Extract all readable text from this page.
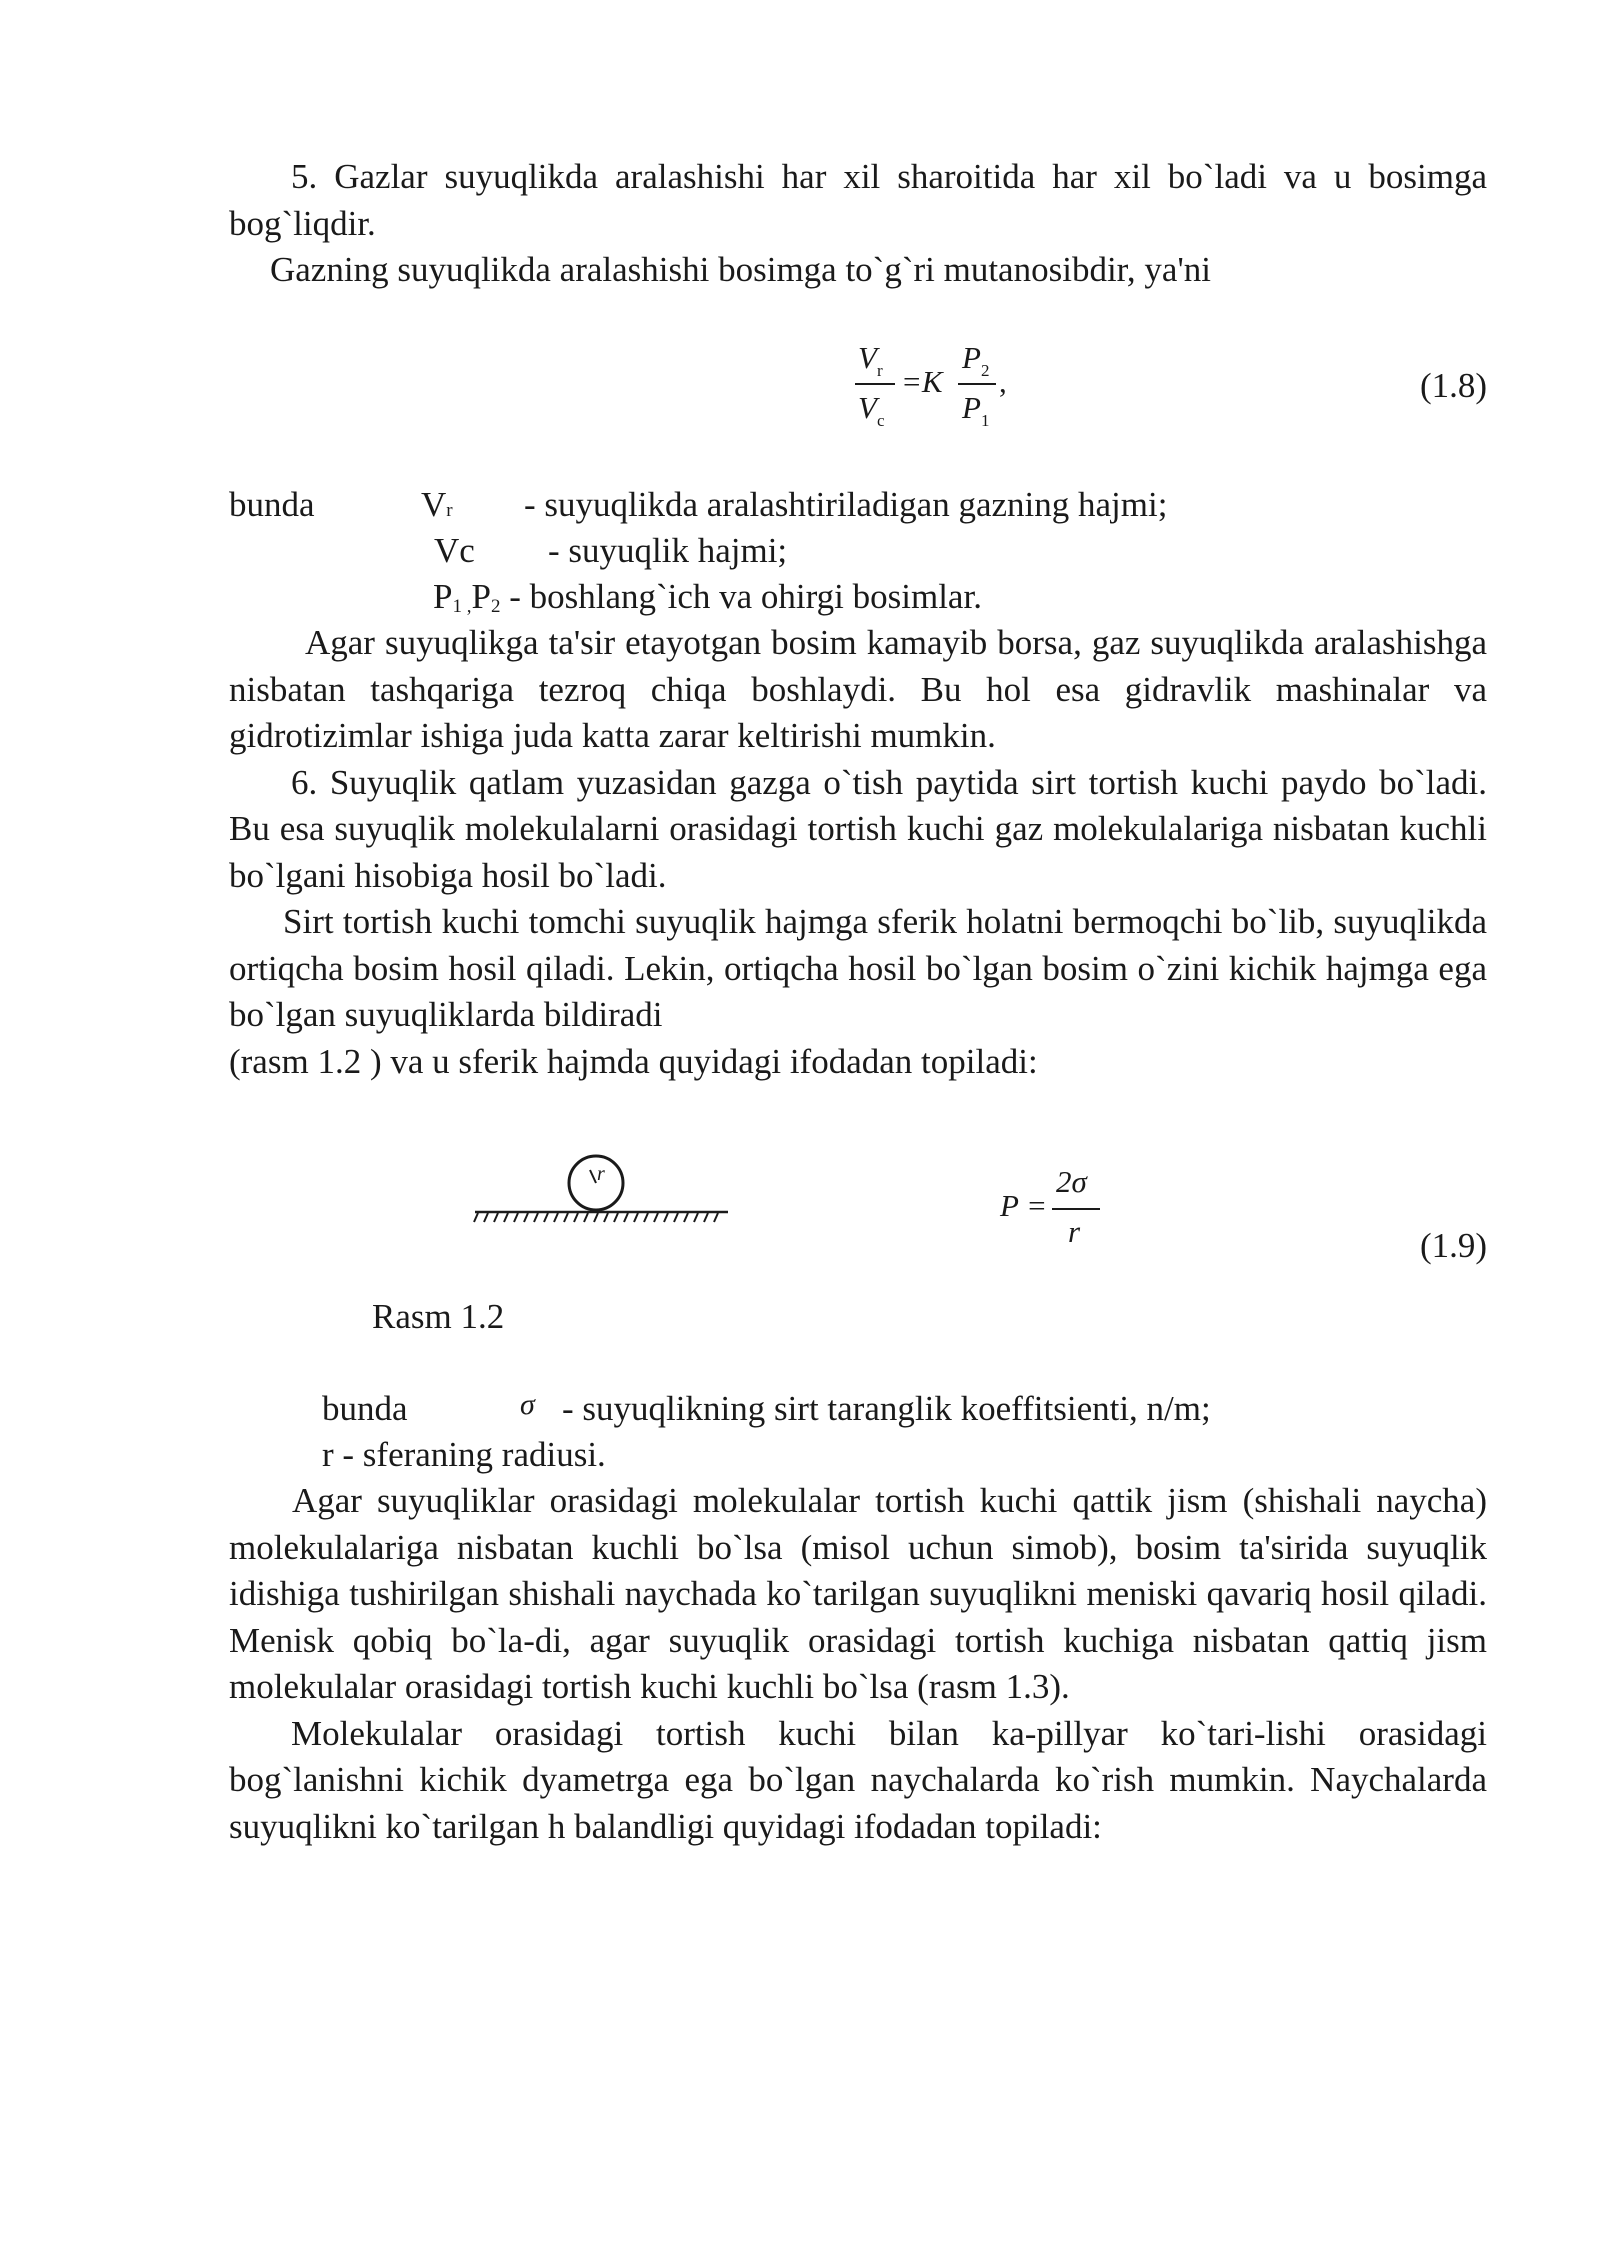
5. Gazlar suyuqlikda aralashishi har xil sharoitida har xil bo`ladi va u bosimga bog`liqdir.

Gazning suyuqlikda aralashishi bosimga to`g`ri mutanosibdir, ya'ni

$V_r$
$V_c$
=K
$P_2$
$P_1$
,	(1.8)
bunda	Vr - suyuqlikda aralashtiriladigan gazning hajmi;
Vc - suyuqlik hajmi;
P1 ,P2 - boshlang`ich va ohirgi bosimlar.

Agar suyuqlikga ta'sir etayotgan bosim kamayib borsa, gaz suyuqlikda aralashishga nisbatan tashqariga tezroq chiqa boshlaydi. Bu hol esa gidravlik mashinalar va gidrotizimlar ishiga juda katta zarar keltirishi mumkin.

6. Suyuqlik qatlam yuzasidan gazga o`tish paytida sirt tortish kuchi paydo bo`ladi. Bu esa suyuqlik molekulalarni orasidagi tortish kuchi gaz molekulalariga nisbatan kuchli bo`lgani hisobiga hosil bo`ladi.

Sirt tortish kuchi tomchi suyuqlik hajmga sferik holatni bermoqchi bo`lib, suyuqlikda ortiqcha bosim hosil qiladi. Lekin, ortiqcha hosil bo`lgan bosim o`zini kichik hajmga ega bo`lgan suyuqliklarda bildiradi

(rasm 1.2 ) va u sferik hajmda quyidagi ifodadan topiladi:

r
P =
2σ
r	(1.9)
Rasm 1.2
bunda	σ - suyuqlikning sirt taranglik koeffitsienti, n/m;
r - sferaning radiusi.

Agar suyuqliklar orasidagi molekulalar tortish kuchi qattik jism (shishali naycha) molekulalariga nisbatan kuchli bo`lsa (misol uchun simob), bosim ta'sirida suyuqlik idishiga tushirilgan shishali naychada ko`tarilgan suyuqlikni meniski qavariq hosil qiladi. Menisk qobiq bo`la-di, agar suyuqlik orasidagi tortish kuchiga nisbatan qattiq jism molekulalar orasidagi tortish kuchi kuchli bo`lsa (rasm 1.3).

Molekulalar orasidagi tortish kuchi bilan ka-pillyar ko`tari-lishi orasidagi bog`lanishni kichik dyametrga ega bo`lgan naychalarda ko`rish mumkin. Naychalarda suyuqlikni ko`tarilgan h balandligi quyidagi ifodadan topiladi:
